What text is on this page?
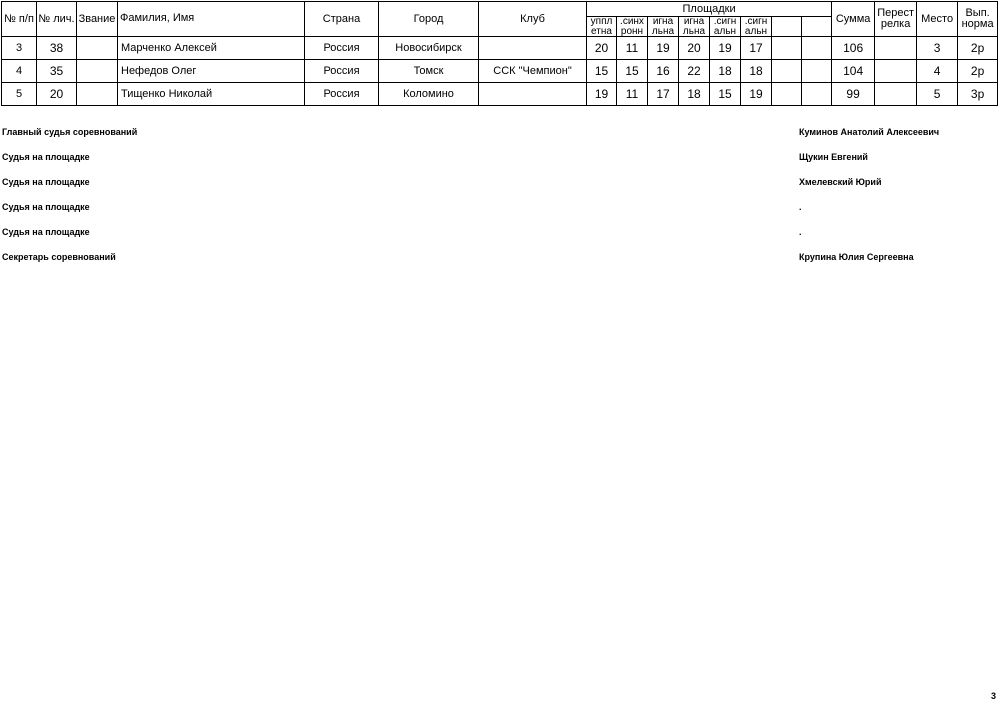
№ п/п	№ лич.	Звание	Фамилия, Имя	Страна	Город	Клуб	Площадки								Сумма	Перест релка	Место	Вып. норма

							уппл етна	.синх ронн	игна льна	игна льна	.сигн альн	.сигн альн						

3	38		Марченко Алексей	Россия	Новосибирск		20	11	19	20	19	17			106		3	2р
4	35		Нефедов Олег	Россия	Томск	ССК "Чемпион"	15	15	16	22	18	18			104		4	2р
5	20		Тищенко Николай	Россия	Коломино		19	11	17	18	15	19			99		5	3р
Главный судья соревнований	Куминов Анатолий Алексеевич
Судья на площадке	Щукин Евгений
Судья на площадке	Хмелевский Юрий
Судья на площадке	.
Судья на площадке	.
Секретарь соревнований	Крупина Юлия Сергеевна
3
